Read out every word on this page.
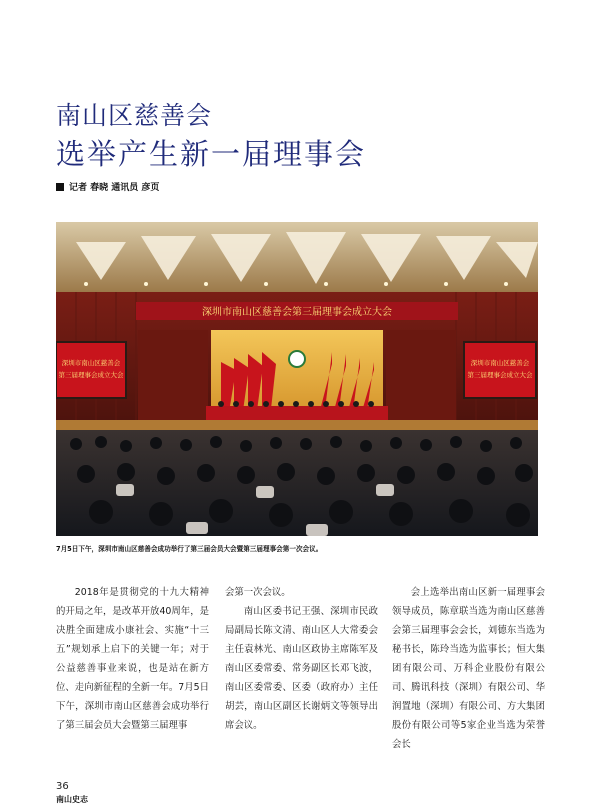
南山区慈善会
选举产生新一届理事会
记者 春晓 通讯员 彦页
深圳市南山区慈善会第三届理事会成立大会
深圳市南山区慈善会
第三届理事会成立大会
深圳市南山区慈善会
第三届理事会成立大会
7月5日下午，深圳市南山区慈善会成功举行了第三届会员大会暨第三届理事会第一次会议。

2018年是贯彻党的十九大精神的开局之年，是改革开放40周年，是决胜全面建成小康社会、实施“十三五”规划承上启下的关键一年；对于公益慈善事业来说，也是站在新方位、走向新征程的全新一年。7月5日下午，深圳市南山区慈善会成功举行了第三届会员大会暨第三届理事

会第一次会议。

南山区委书记王强、深圳市民政局副局长陈文清、南山区人大常委会主任袁林光、南山区政协主席陈军及南山区委常委、常务副区长邓飞波，南山区委常委、区委（政府办）主任胡芸，南山区副区长谢炳文等领导出席会议。

会上选举出南山区新一届理事会领导成员，陈章联当选为南山区慈善会第三届理事会会长，刘德东当选为秘书长，陈玲当选为监事长；恒大集团有限公司、万科企业股份有限公司、腾讯科技（深圳）有限公司、华润置地（深圳）有限公司、方大集团股份有限公司等5家企业当选为荣誉会长

36
南山史志
